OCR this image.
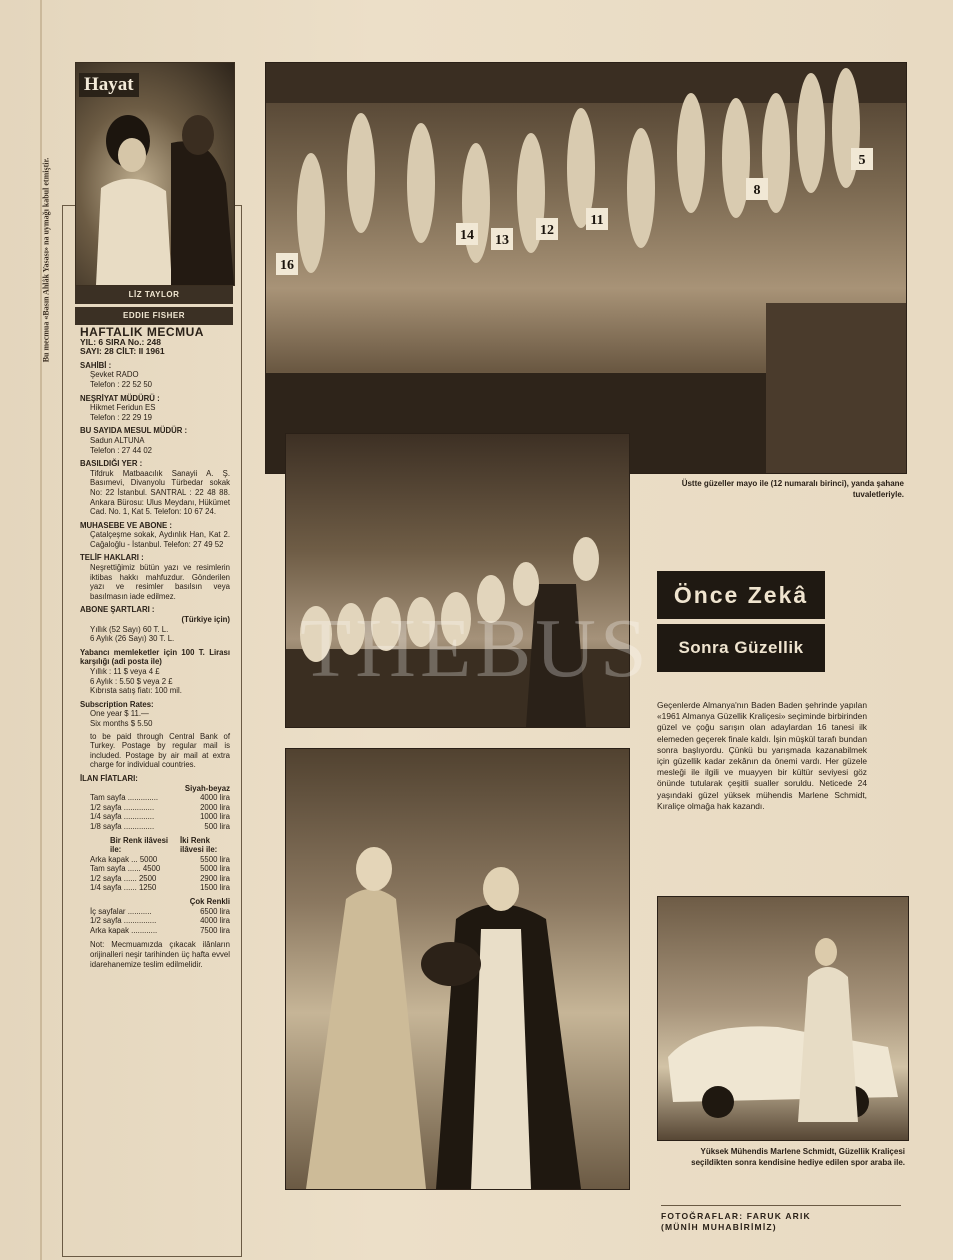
Bu mecmua «Basın Ahlâk Yasası» na uymağı kabul etmiştir.
Hayat
LİZ TAYLOR
EDDIE FISHER
HAFTALIK MECMUA
YIL: 6 SIRA No.: 248
SAYI: 28 CİLT: II 1961
SAHİBİ :
Şevket RADO
Telefon : 22 52 50
NEŞRİYAT MÜDÜRÜ :
Hikmet Feridun ES
Telefon : 22 29 19
BU SAYIDA MESUL MÜDÜR :
Sadun ALTUNA
Telefon : 27 44 02
BASILDIĞI YER :
Tifdruk Matbaacılık Sanayii A. Ş. Basımevi, Divanyolu Türbedar sokak No: 22 İstanbul. SANTRAL : 22 48 88. Ankara Bürosu: Ulus Meydanı, Hükümet Cad. No. 1, Kat 5. Telefon: 10 67 24.
MUHASEBE VE ABONE :
Çatalçeşme sokak, Aydınlık Han, Kat 2. Cağaloğlu - İstanbul. Telefon: 27 49 52
TELİF HAKLARI :
Neşrettiğimiz bütün yazı ve resimlerin iktibas hakkı mahfuzdur. Gönderilen yazı ve resimler basılsın veya basılmasın iade edilmez.
ABONE ŞARTLARI :
(Türkiye için)
Yıllık (52 Sayı) 60 T. L.
6 Aylık (26 Sayı) 30 T. L.
Yabancı memleketler için 100 T. Lirası karşılığı (adi posta ile)
Yıllık : 11 $ veya 4 £
6 Aylık : 5.50 $ veya 2 £
Kıbrısta satış fiatı: 100 mil.
Subscription Rates:
One year $ 11.—
Six months $ 5.50
to be paid through Central Bank of Turkey. Postage by regular mail is included. Postage by air mail at extra charge for individual countries.
İLAN FİATLARI:
Siyah-beyaz
Tam sayfa ..............	4000 lira
1/2 sayfa ..............	2000 lira
1/4 sayfa ..............	1000 lira
1/8 sayfa ..............	500 lira
Bir Renk ilâvesi ile:
İki Renk ilâvesi ile:
Arka kapak ... 5000	5500 lira
Tam sayfa ...... 4500	5000 lira
1/2 sayfa ...... 2500	2900 lira
1/4 sayfa ...... 1250	1500 lira
Çok Renkli
İç sayfalar ...........	6500 lira
1/2 sayfa ...............	4000 lira
Arka kapak ............	7500 lira
Not: Mecmuamızda çıkacak ilânların orijinalleri neşir tarihinden üç hafta evvel idarehanemize teslim edilmelidir.
16
14 13
12
11
8
5
Üstte güzeller mayo ile (12 numaralı birinci), yanda şahane tuvaletleriyle.
Önce Zekâ
Sonra Güzellik
Geçenlerde Almanya'nın Baden Baden şehrinde yapılan «1961 Almanya Güzellik Kraliçesi» seçiminde birbirinden güzel ve çoğu sarışın olan adaylardan 16 tanesi ilk elemeden geçerek finale kaldı. İşin müşkül tarafı bundan sonra başlıyordu. Çünkü bu yarışmada kazanabilmek için güzellik kadar zekânın da önemi vardı. Her güzele mesleği ile ilgili ve muayyen bir kültür seviyesi göz önünde tutularak çeşitli sualler soruldu. Neticede 24 yaşındaki güzel yüksek mühendis Marlene Schmidt, Kıraliçe olmağa hak kazandı.
Yüksek Mühendis Marlene Schmidt, Güzellik Kraliçesi seçildikten sonra kendisine hediye edilen spor araba ile.
FOTOĞRAFLAR: FARUK ARIK
(MÜNİH MUHABİRİMİZ)
THEBUS
